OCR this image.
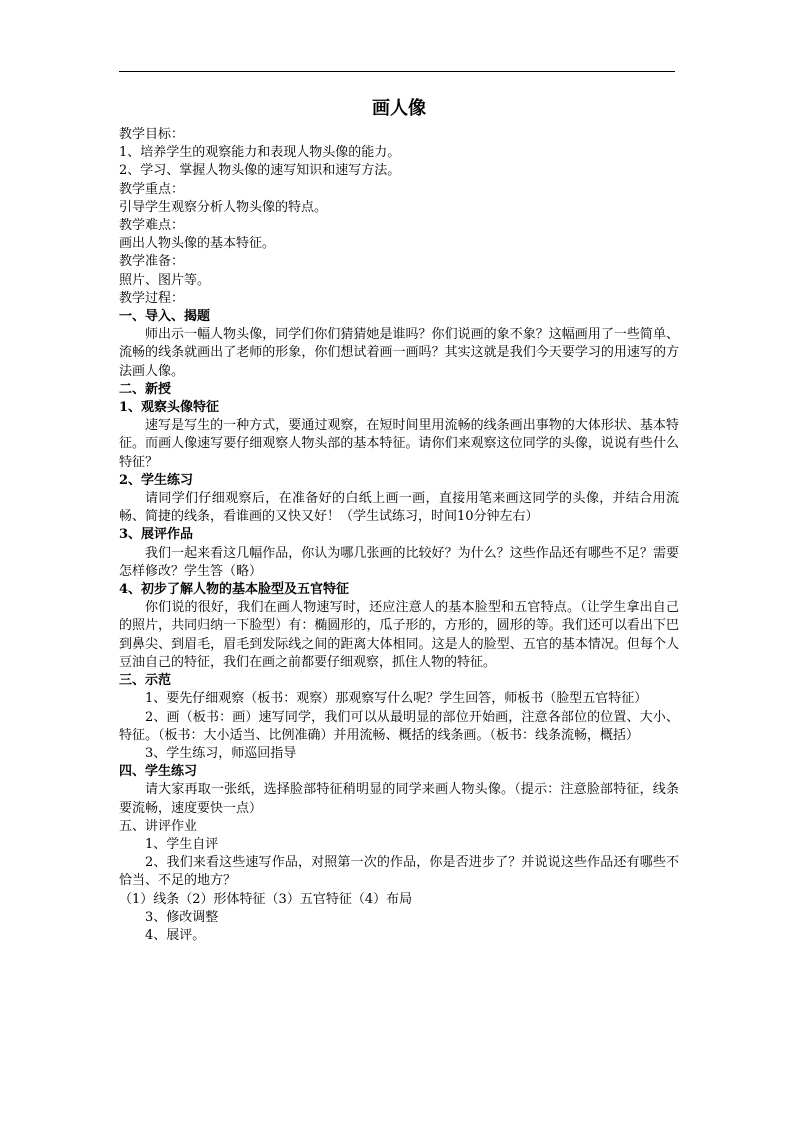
画人像
教学目标：
1、培养学生的观察能力和表现人物头像的能力。
2、学习、掌握人物头像的速写知识和速写方法。
教学重点：
引导学生观察分析人物头像的特点。
教学难点：
画出人物头像的基本特征。
教学准备：
照片、图片等。
教学过程：
一、导入、揭题
师出示一幅人物头像，同学们你们猜猜她是谁吗？你们说画的象不象？这幅画用了一些简单、流畅的线条就画出了老师的形象，你们想试着画一画吗？其实这就是我们今天要学习的用速写的方法画人像。
二、新授
1、观察头像特征
速写是写生的一种方式，要通过观察，在短时间里用流畅的线条画出事物的大体形状、基本特征。而画人像速写要仔细观察人物头部的基本特征。请你们来观察这位同学的头像，说说有些什么特征？
2、学生练习
请同学们仔细观察后，在准备好的白纸上画一画，直接用笔来画这同学的头像，并结合用流畅、简捷的线条，看谁画的又快又好！（学生试练习，时间10分钟左右）
3、展评作品
我们一起来看这几幅作品，你认为哪几张画的比较好？为什么？这些作品还有哪些不足？需要怎样修改？学生答（略）
4、初步了解人物的基本脸型及五官特征
你们说的很好，我们在画人物速写时，还应注意人的基本脸型和五官特点。（让学生拿出自己的照片，共同归纳一下脸型）有：椭圆形的，瓜子形的，方形的，圆形的等。我们还可以看出下巴到鼻尖、到眉毛，眉毛到发际线之间的距离大体相同。这是人的脸型、五官的基本情况。但每个人豆油自己的特征，我们在画之前都要仔细观察，抓住人物的特征。
三、示范
1、要先仔细观察（板书：观察）那观察写什么呢？学生回答，师板书（脸型五官特征）
2、画（板书：画）速写同学，我们可以从最明显的部位开始画，注意各部位的位置、大小、特征。（板书：大小适当、比例准确）并用流畅、概括的线条画。（板书：线条流畅，概括）
3、学生练习，师巡回指导
四、学生练习
请大家再取一张纸，选择脸部特征稍明显的同学来画人物头像。（提示：注意脸部特征，线条要流畅，速度要快一点）
五、讲评作业
1、学生自评
2、我们来看这些速写作品，对照第一次的作品，你是否进步了？并说说这些作品还有哪些不恰当、不足的地方？
（1）线条（2）形体特征（3）五官特征（4）布局
3、修改调整
4、展评。
